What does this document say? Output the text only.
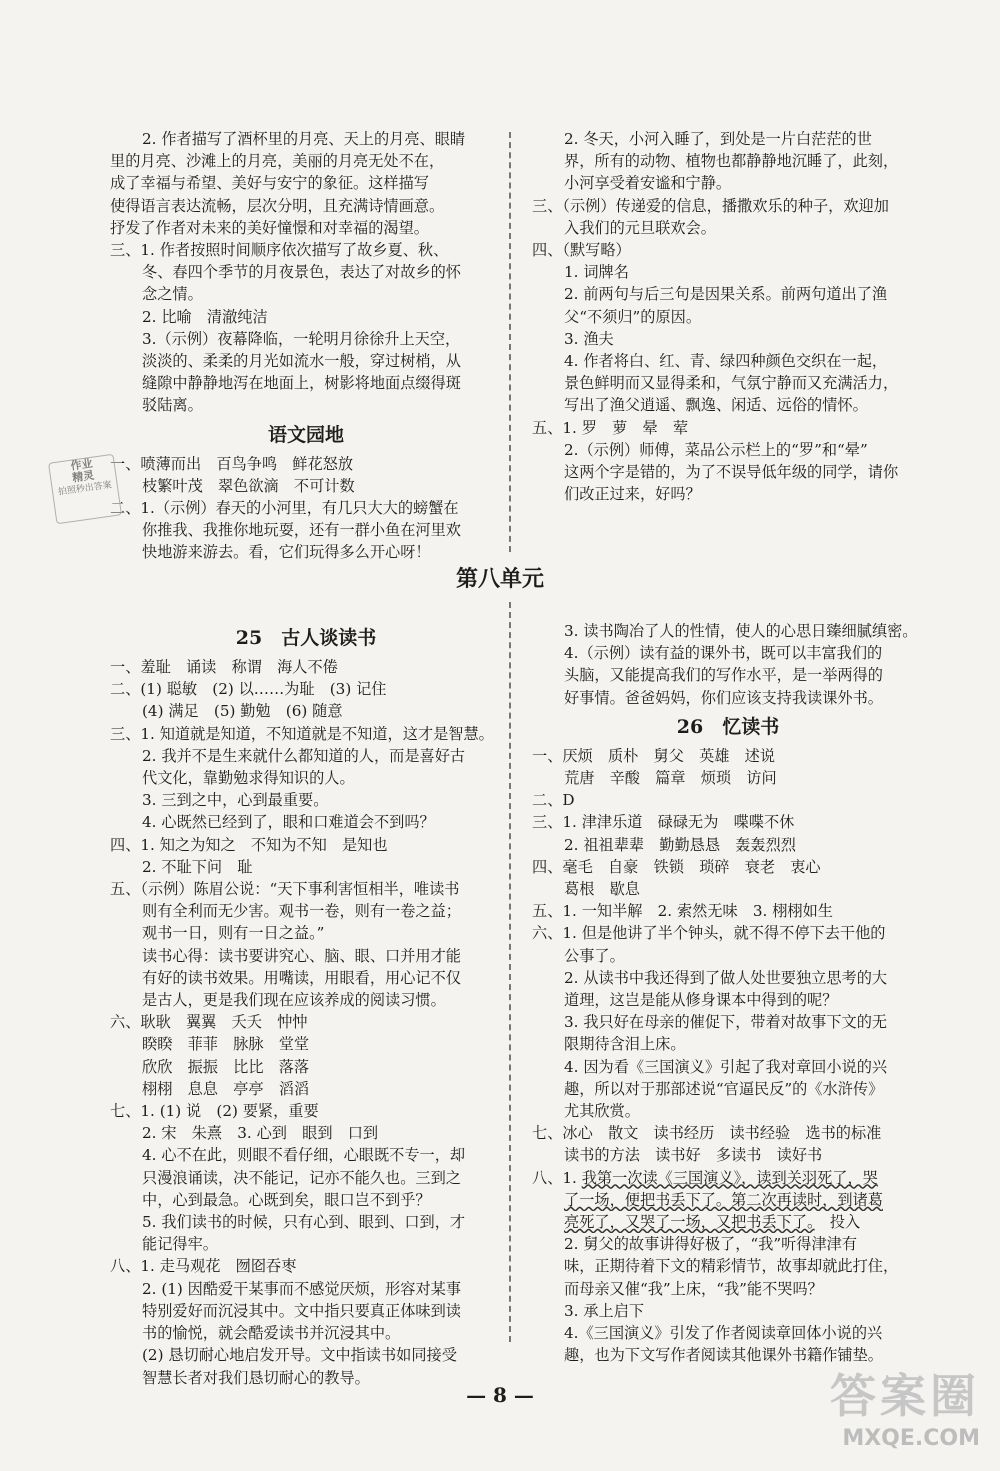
2. 作者描写了酒杯里的月亮、天上的月亮、眼睛
里的月亮、沙滩上的月亮，美丽的月亮无处不在，
成了幸福与希望、美好与安宁的象征。这样描写
使得语言表达流畅，层次分明，且充满诗情画意。
抒发了作者对未来的美好憧憬和对幸福的渴望。
三、1. 作者按照时间顺序依次描写了故乡夏、秋、
冬、春四个季节的月夜景色，表达了对故乡的怀
念之情。
2. 比喻　清澈纯洁
3.（示例）夜幕降临，一轮明月徐徐升上天空，
淡淡的、柔柔的月光如流水一般，穿过树梢，从
缝隙中静静地泻在地面上，树影将地面点缀得斑
驳陆离。
语文园地
一、喷薄而出　百鸟争鸣　鲜花怒放
枝繁叶茂　翠色欲滴　不可计数
二、1.（示例）春天的小河里，有几只大大的螃蟹在
你推我、我推你地玩耍，还有一群小鱼在河里欢
快地游来游去。看，它们玩得多么开心呀！
2. 冬天，小河入睡了，到处是一片白茫茫的世
界，所有的动物、植物也都静静地沉睡了，此刻，
小河享受着安谧和宁静。
三、（示例）传递爱的信息，播撒欢乐的种子，欢迎加
入我们的元旦联欢会。
四、（默写略）
1. 词牌名
2. 前两句与后三句是因果关系。前两句道出了渔
父“不须归”的原因。
3. 渔夫
4. 作者将白、红、青、绿四种颜色交织在一起，
景色鲜明而又显得柔和，气氛宁静而又充满活力，
写出了渔父逍遥、飘逸、闲适、远俗的情怀。
五、1. 罗　萝　晕　荤
2.（示例）师傅，菜品公示栏上的“罗”和“晕”
这两个字是错的，为了不误导低年级的同学，请你
们改正过来，好吗？
作业
精灵
拍照秒出答案
第八单元
25　古人谈读书
一、羞耻　诵读　称谓　海人不倦
二、(1) 聪敏　(2) 以……为耻　(3) 记住
(4) 满足　(5) 勤勉　(6) 随意
三、1. 知道就是知道，不知道就是不知道，这才是智慧。
2. 我并不是生来就什么都知道的人，而是喜好古
代文化，靠勤勉求得知识的人。
3. 三到之中，心到最重要。
4. 心既然已经到了，眼和口难道会不到吗？
四、1. 知之为知之　不知为不知　是知也
2. 不耻下问　耻
五、（示例）陈眉公说：“天下事利害恒相半，唯读书
则有全利而无少害。观书一卷，则有一卷之益；
观书一日，则有一日之益。”
读书心得：读书要讲究心、脑、眼、口并用才能
有好的读书效果。用嘴读，用眼看，用心记不仅
是古人，更是我们现在应该养成的阅读习惯。
六、耿耿　翼翼　夭夭　忡忡
睽睽　菲菲　脉脉　堂堂
欣欣　振振　比比　落落
栩栩　息息　亭亭　滔滔
七、1. (1) 说　(2) 要紧，重要
2. 宋　朱熹　3. 心到　眼到　口到
4. 心不在此，则眼不看仔细，心眼既不专一，却
只漫浪诵读，决不能记，记亦不能久也。三到之
中，心到最急。心既到矣，眼口岂不到乎？
5. 我们读书的时候，只有心到、眼到、口到，才
能记得牢。
八、1. 走马观花　囫囵吞枣
2. (1) 因酷爱干某事而不感觉厌烦，形容对某事
特别爱好而沉浸其中。文中指只要真正体味到读
书的愉悦，就会酷爱读书并沉浸其中。
(2) 恳切耐心地启发开导。文中指读书如同接受
智慧长者对我们恳切耐心的教导。
3. 读书陶冶了人的性情，使人的心思日臻细腻缜密。
4.（示例）读有益的课外书，既可以丰富我们的
头脑，又能提高我们的写作水平，是一举两得的
好事情。爸爸妈妈，你们应该支持我读课外书。
26　忆读书
一、厌烦　质朴　舅父　英雄　述说
荒唐　辛酸　篇章　烦琐　访问
二、D
三、1. 津津乐道　碌碌无为　喋喋不休
2. 祖祖辈辈　勤勤恳恳　轰轰烈烈
四、毫毛　自豪　铁锁　琐碎　衰老　衷心
葛根　歇息
五、1. 一知半解　2. 索然无味　3. 栩栩如生
六、1. 但是他讲了半个钟头，就不得不停下去干他的
公事了。
2. 从读书中我还得到了做人处世要独立思考的大
道理，这岂是能从修身课本中得到的呢？
3. 我只好在母亲的催促下，带着对故事下文的无
限期待含泪上床。
4. 因为看《三国演义》引起了我对章回小说的兴
趣，所以对于那部述说“官逼民反”的《水浒传》
尤其欣赏。
七、冰心　散文　读书经历　读书经验　选书的标准
读书的方法　读书好　多读书　读好书
八、1. 我第一次读《三国演义》，读到关羽死了，哭
了一场，便把书丢下了。第二次再读时，到诸葛
亮死了，又哭了一场，又把书丢下了。　投入
2. 舅父的故事讲得好极了，“我”听得津津有
味，正期待着下文的精彩情节，故事却就此打住，
而母亲又催“我”上床，“我”能不哭吗？
3. 承上启下
4.《三国演义》引发了作者阅读章回体小说的兴
趣，也为下文写作者阅读其他课外书籍作铺垫。
— 8 —	答案圈
MXQE.COM
